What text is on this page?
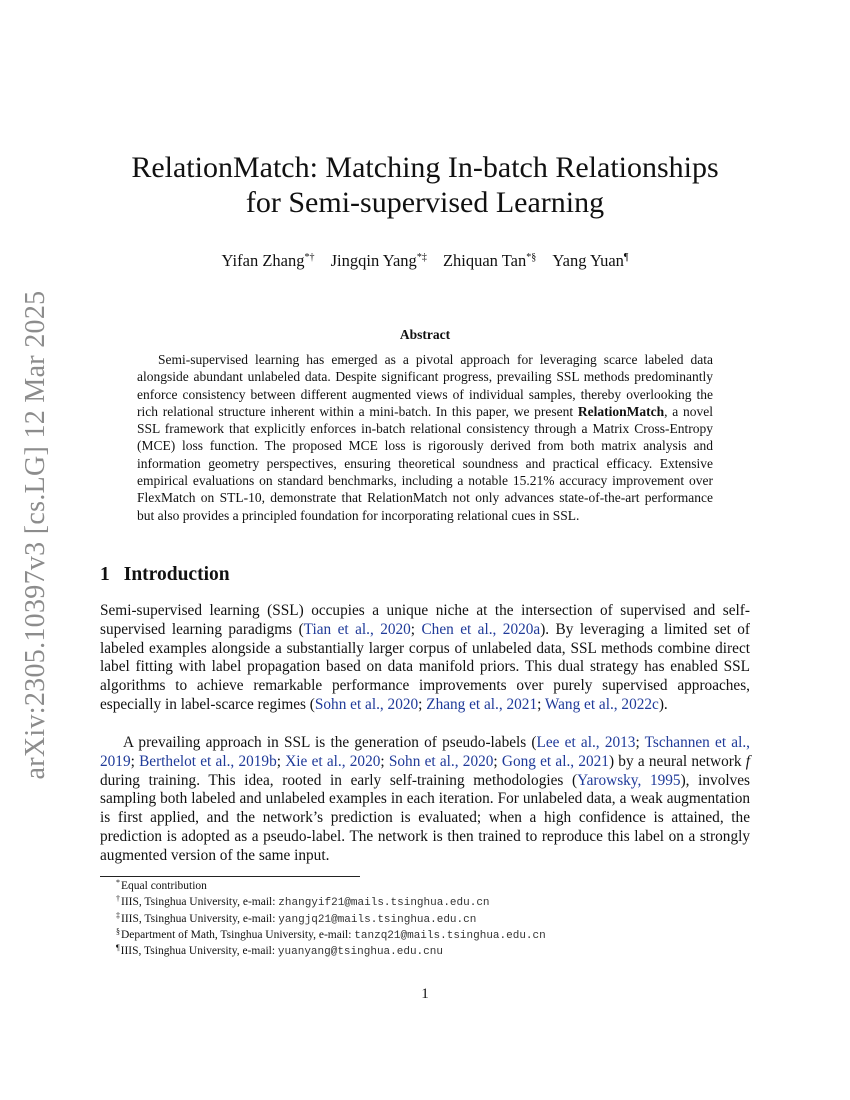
arXiv:2305.10397v3 [cs.LG] 12 Mar 2025
RelationMatch: Matching In-batch Relationships
for Semi-supervised Learning
Yifan Zhang*† Jingqin Yang*‡ Zhiquan Tan*§ Yang Yuan¶
Abstract

Semi-supervised learning has emerged as a pivotal approach for leveraging scarce labeled data alongside abundant unlabeled data. Despite significant progress, prevailing SSL methods predominantly enforce consistency between different augmented views of individual samples, thereby overlooking the rich relational structure inherent within a mini-batch. In this paper, we present RelationMatch, a novel SSL framework that explicitly enforces in-batch relational consistency through a Matrix Cross-Entropy (MCE) loss function. The proposed MCE loss is rigorously derived from both matrix analysis and information geometry perspectives, ensuring theoretical soundness and practical efficacy. Extensive empirical evaluations on standard benchmarks, including a notable 15.21% accuracy improvement over FlexMatch on STL-10, demonstrate that RelationMatch not only advances state-of-the-art performance but also provides a principled foundation for incorporating relational cues in SSL.

1 Introduction

Semi-supervised learning (SSL) occupies a unique niche at the intersection of supervised and self-supervised learning paradigms (Tian et al., 2020; Chen et al., 2020a). By leveraging a limited set of labeled examples alongside a substantially larger corpus of unlabeled data, SSL methods combine direct label fitting with label propagation based on data manifold priors. This dual strategy has enabled SSL algorithms to achieve remarkable performance improvements over purely supervised approaches, especially in label-scarce regimes (Sohn et al., 2020; Zhang et al., 2021; Wang et al., 2022c).

A prevailing approach in SSL is the generation of pseudo-labels (Lee et al., 2013; Tschannen et al., 2019; Berthelot et al., 2019b; Xie et al., 2020; Sohn et al., 2020; Gong et al., 2021) by a neural network f during training. This idea, rooted in early self-training methodologies (Yarowsky, 1995), involves sampling both labeled and unlabeled examples in each iteration. For unlabeled data, a weak augmentation is first applied, and the network’s prediction is evaluated; when a high confidence is attained, the prediction is adopted as a pseudo-label. The network is then trained to reproduce this label on a strongly augmented version of the same input.

*Equal contribution
†IIIS, Tsinghua University, e-mail: zhangyif21@mails.tsinghua.edu.cn
‡IIIS, Tsinghua University, e-mail: yangjq21@mails.tsinghua.edu.cn
§Department of Math, Tsinghua University, e-mail: tanzq21@mails.tsinghua.edu.cn
¶IIIS, Tsinghua University, e-mail: yuanyang@tsinghua.edu.cnu
1
